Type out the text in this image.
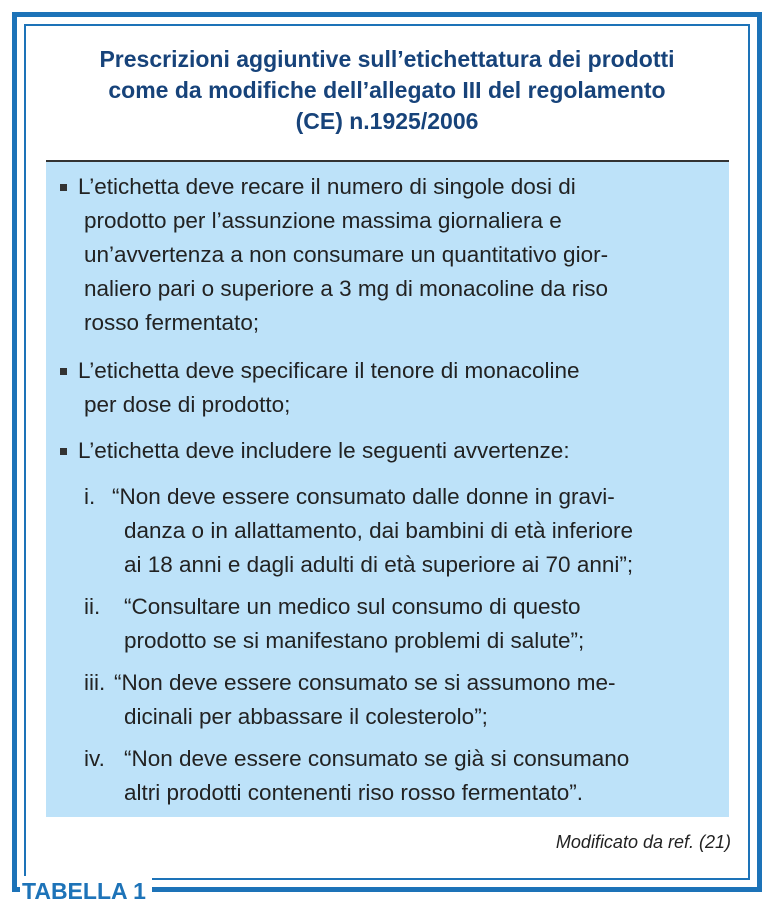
Prescrizioni aggiuntive sull’etichettatura dei prodotti
come da modifiche dell’allegato III del regolamento
(CE) n.1925/2006

L’etichetta deve recare il numero di singole dosi di

prodotto per l’assunzione massima giornaliera e

un’avvertenza a non consumare un quantitativo gior-

naliero pari o superiore a 3 mg di monacoline da riso

rosso fermentato;

L’etichetta deve specificare il tenore di monacoline

per dose di prodotto;

L’etichetta deve includere le seguenti avvertenze:

i. “Non deve essere consumato dalle donne in gravi-

danza o in allattamento, dai bambini di età inferiore

ai 18 anni e dagli adulti di età superiore ai 70 anni”;

ii. “Consultare un medico sul consumo di questo

prodotto se si manifestano problemi di salute”;

iii. “Non deve essere consumato se si assumono me-

dicinali per abbassare il colesterolo”;

iv. “Non deve essere consumato se già si consumano

altri prodotti contenenti riso rosso fermentato”.

Modificato da ref. (21)
TABELLA 1
